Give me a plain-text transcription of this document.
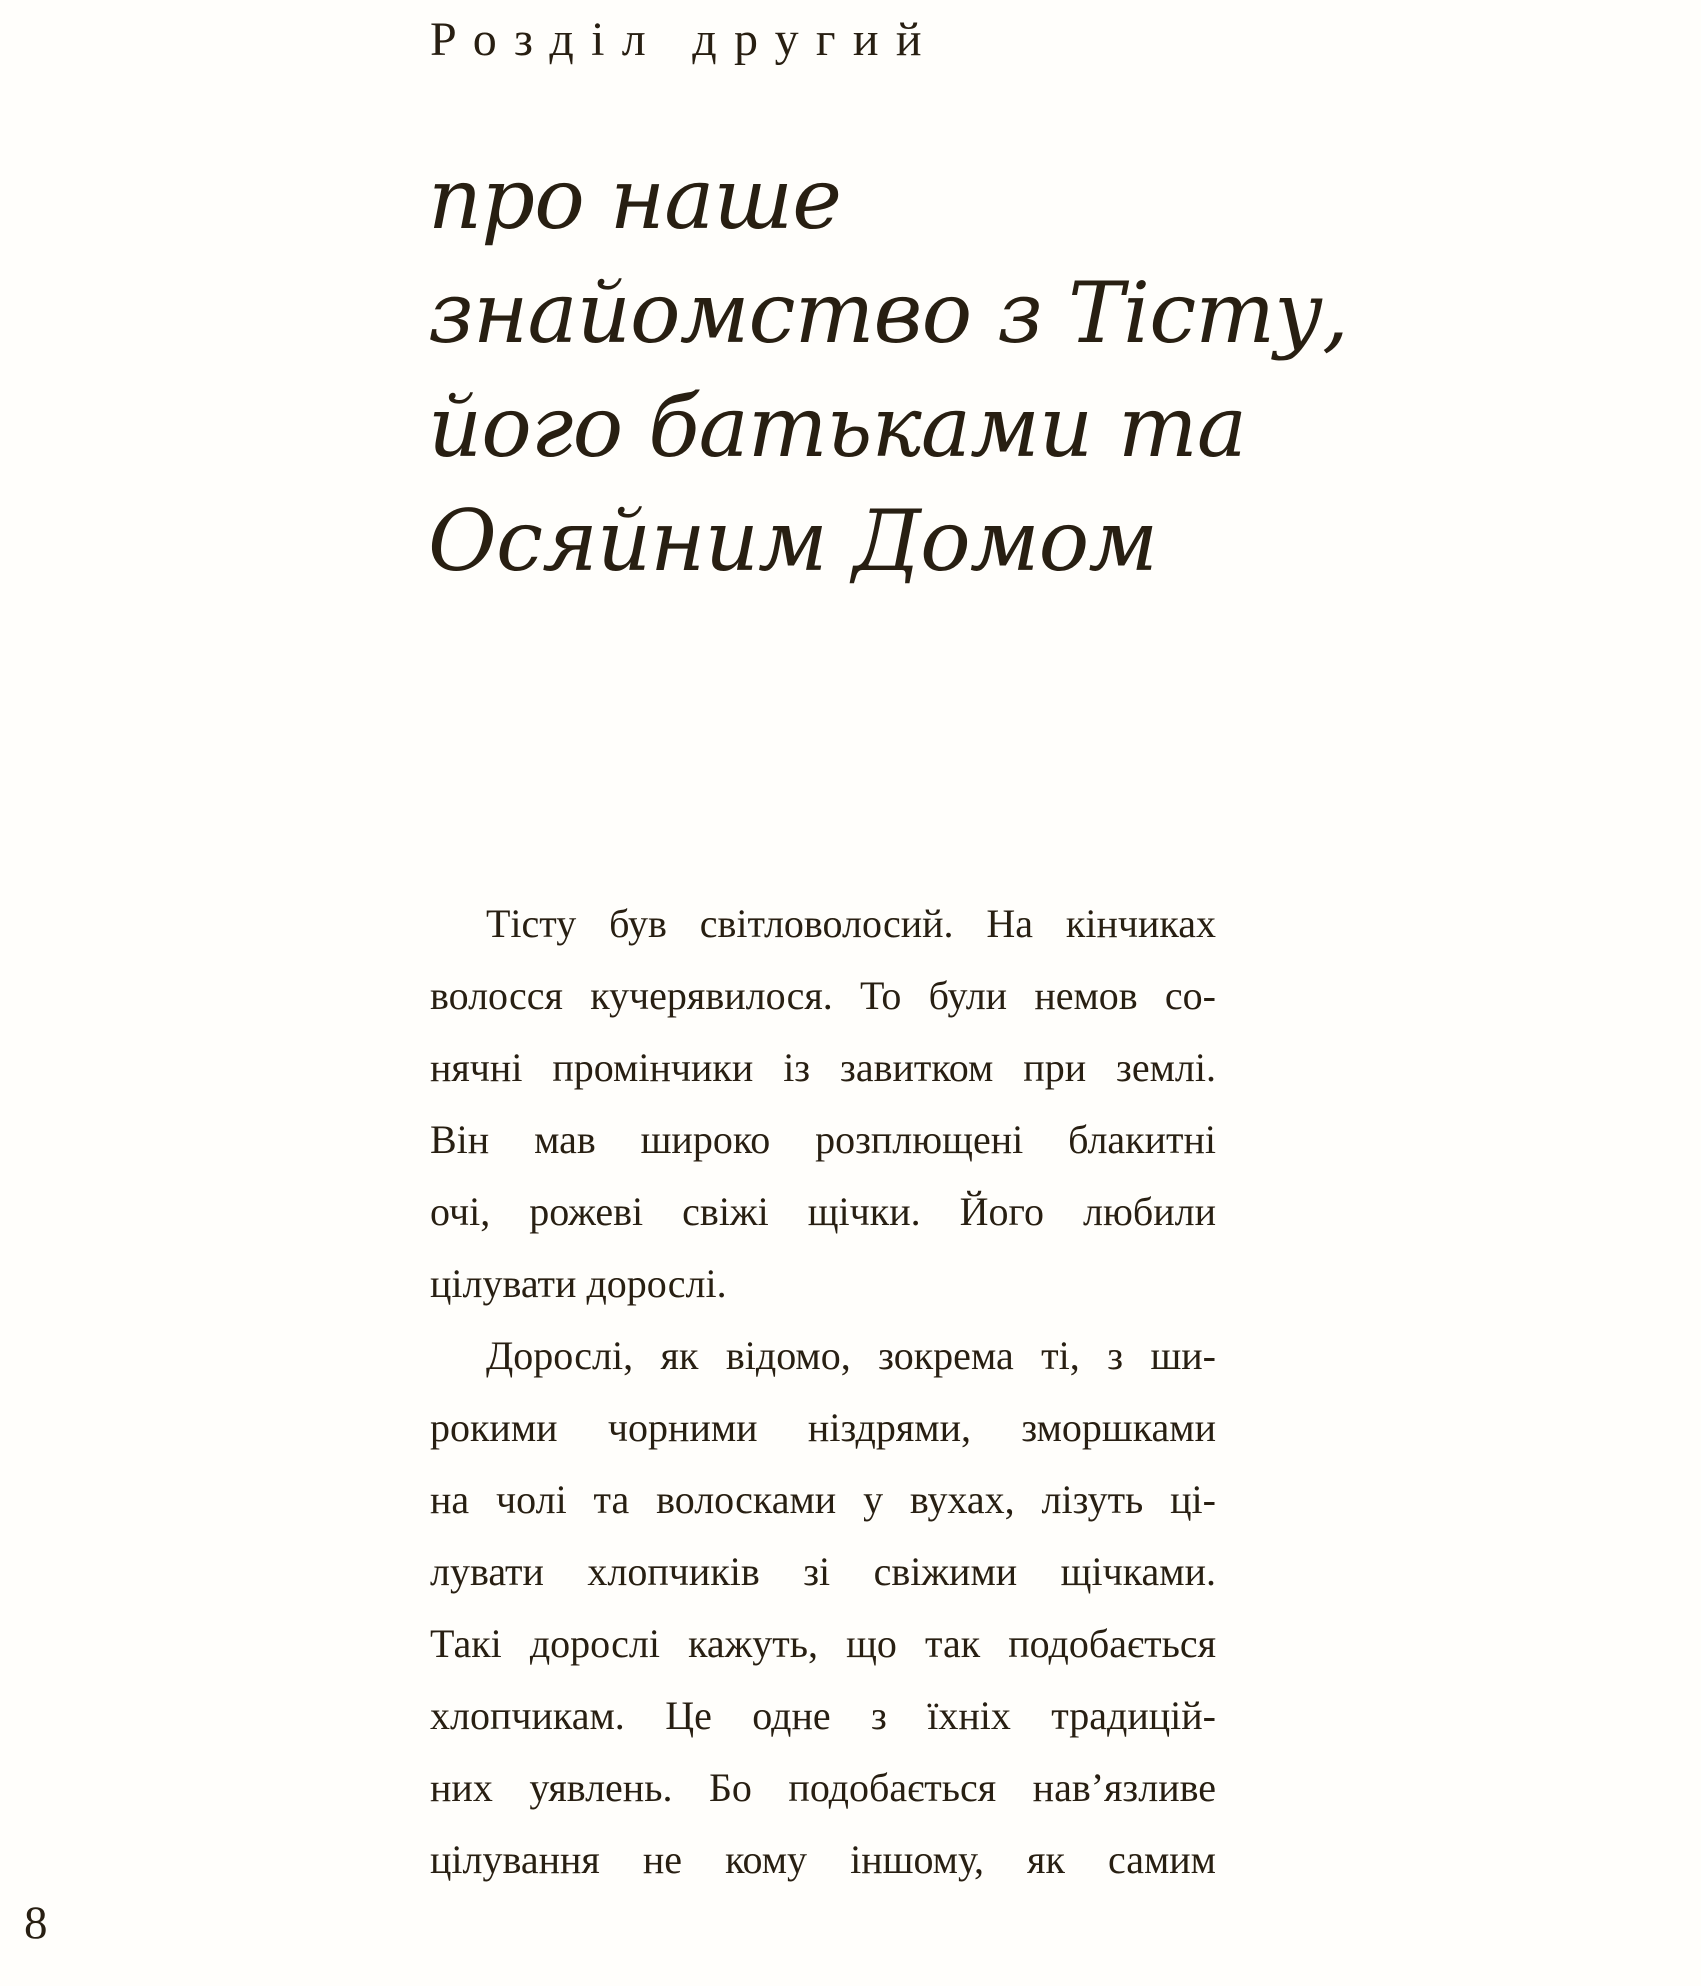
Розділ другий
про наше
знайомство з Тісту,
його батьками та
Осяйним Домом
Тісту був світловолосий. На кінчиках
волосся кучерявилося. То були немов со-
нячні промінчики із завитком при землі.
Він мав широко розплющені блакитні
очі, рожеві свіжі щічки. Його любили
цілувати дорослі.
Дорослі, як відомо, зокрема ті, з ши-
рокими чорними ніздрями, зморшками
на чолі та волосками у вухах, лізуть ці-
лувати хлопчиків зі свіжими щічками.
Такі дорослі кажуть, що так подобається
хлопчикам. Це одне з їхніх традицій-
них уявлень. Бо подобається нав’язливе
цілування не кому іншому, як самим
8
